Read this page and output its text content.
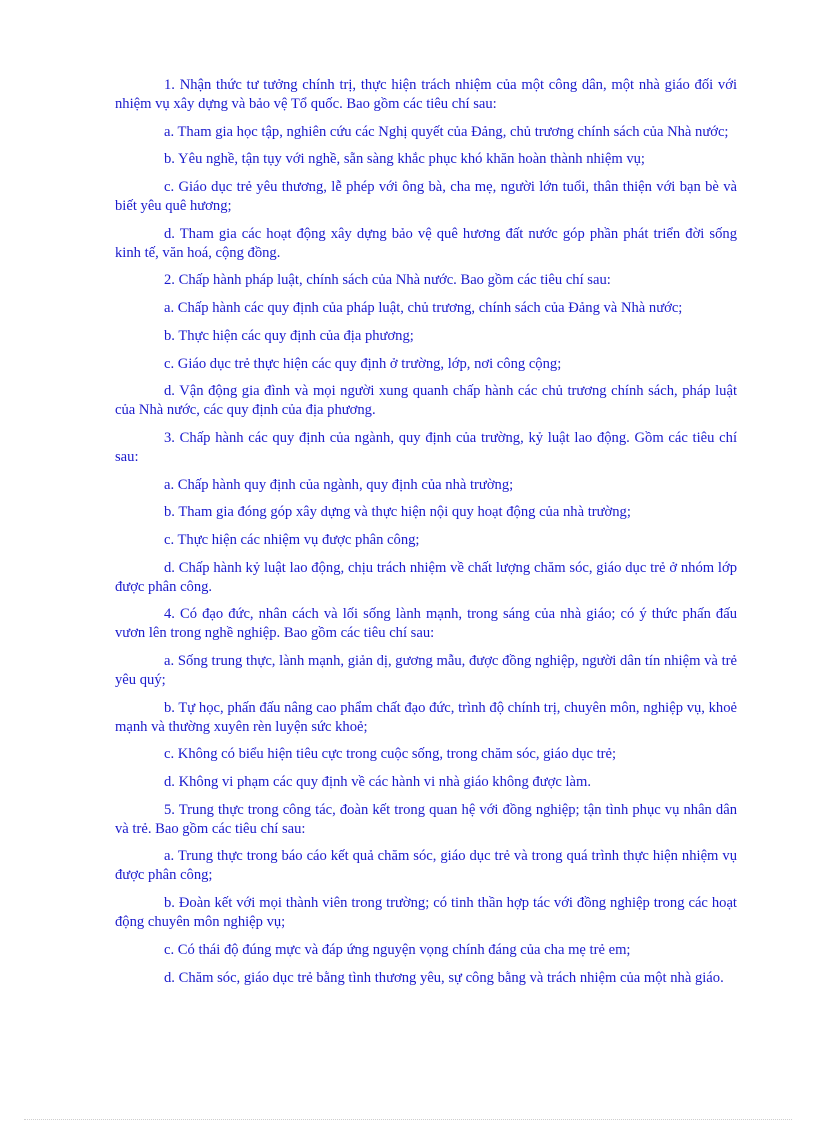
1. Nhận thức tư tưởng chính trị, thực hiện trách nhiệm của một công dân, một nhà giáo đối với nhiệm vụ xây dựng và bảo vệ Tổ quốc. Bao gồm các tiêu chí sau:

a. Tham gia học tập, nghiên cứu các Nghị quyết của Đảng, chủ trương chính sách của Nhà nước;

b. Yêu nghề, tận tụy với nghề, sẵn sàng khắc phục khó khăn hoàn thành nhiệm vụ;

c. Giáo dục trẻ yêu thương, lễ phép với ông bà, cha mẹ, người lớn tuổi, thân thiện với bạn bè và biết yêu quê hương;

d. Tham gia các hoạt động xây dựng bảo vệ quê hương đất nước góp phần phát triển đời sống kinh tế, văn hoá, cộng đồng.

2. Chấp hành pháp luật, chính sách của Nhà nước. Bao gồm các tiêu chí sau:

a. Chấp hành các quy định của pháp luật, chủ trương, chính sách của Đảng và Nhà nước;

b. Thực hiện các quy định của địa phương;

c. Giáo dục trẻ thực hiện các quy định ở trường, lớp, nơi công cộng;

d. Vận động gia đình và mọi người xung quanh chấp hành các chủ trương chính sách, pháp luật của Nhà nước, các quy định của địa phương.

3. Chấp hành các quy định của ngành, quy định của trường, kỷ luật lao động. Gồm các tiêu chí sau:

a. Chấp hành quy định của ngành, quy định của nhà trường;

b. Tham gia đóng góp xây dựng và thực hiện nội quy hoạt động của nhà trường;

c. Thực hiện các nhiệm vụ được phân công;

d. Chấp hành kỷ luật lao động, chịu trách nhiệm về chất lượng chăm sóc, giáo dục trẻ ở nhóm lớp được phân công.

4. Có đạo đức, nhân cách và lối sống lành mạnh, trong sáng của nhà giáo; có ý thức phấn đấu vươn lên trong nghề nghiệp. Bao gồm các tiêu chí sau:

a. Sống trung thực, lành mạnh, giản dị, gương mẫu, được đồng nghiệp, người dân tín nhiệm và trẻ yêu quý;

b. Tự học, phấn đấu nâng cao phẩm chất đạo đức, trình độ chính trị, chuyên môn, nghiệp vụ, khoẻ mạnh và thường xuyên rèn luyện sức khoẻ;

c. Không có biểu hiện tiêu cực trong cuộc sống, trong chăm sóc, giáo dục trẻ;

d. Không vi phạm các quy định về các hành vi nhà giáo không được làm.

5. Trung thực trong công tác, đoàn kết trong quan hệ với đồng nghiệp; tận tình phục vụ nhân dân và trẻ. Bao gồm các tiêu chí sau:

a. Trung thực trong báo cáo kết quả chăm sóc, giáo dục trẻ và trong quá trình thực hiện nhiệm vụ được phân công;

b. Đoàn kết với mọi thành viên trong trường; có tinh thần hợp tác với đồng nghiệp trong các hoạt động chuyên môn nghiệp vụ;

c. Có thái độ đúng mực và đáp ứng nguyện vọng chính đáng của cha mẹ trẻ em;

d. Chăm sóc, giáo dục trẻ bằng tình thương yêu, sự công bằng và trách nhiệm của một nhà giáo.
